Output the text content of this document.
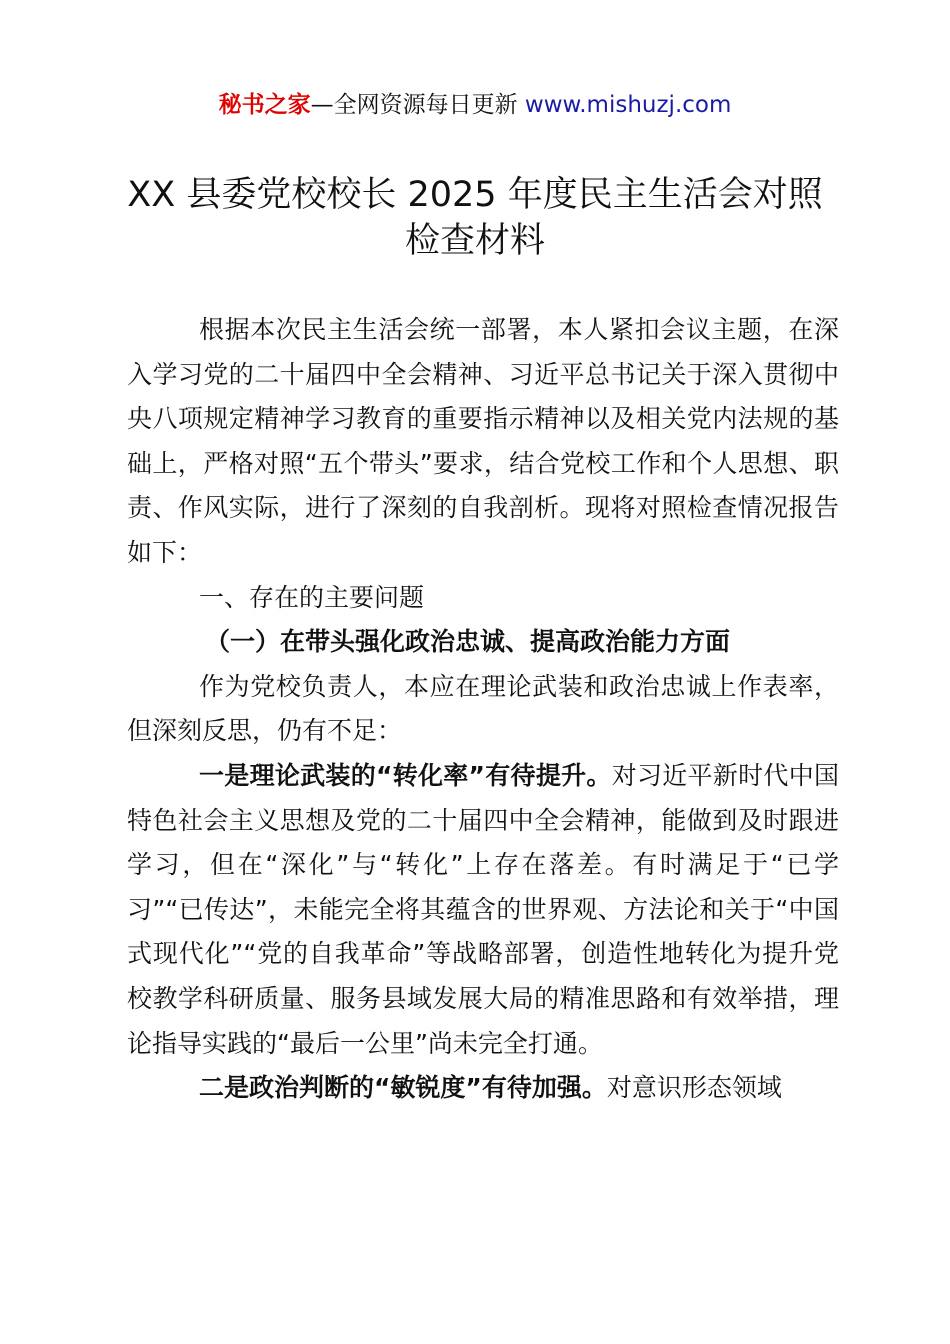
秘书之家—全网资源每日更新 www.mishuzj.com
XX 县委党校校长 2025 年度民主生活会对照
检查材料

根据本次民主生活会统一部署，本人紧扣会议主题，在深入学习党的二十届四中全会精神、习近平总书记关于深入贯彻中央八项规定精神学习教育的重要指示精神以及相关党内法规的基础上，严格对照“五个带头”要求，结合党校工作和个人思想、职责、作风实际，进行了深刻的自我剖析。现将对照检查情况报告如下：

一、存在的主要问题

（一）在带头强化政治忠诚、提高政治能力方面

作为党校负责人，本应在理论武装和政治忠诚上作表率，但深刻反思，仍有不足：

一是理论武装的“转化率”有待提升。对习近平新时代中国特色社会主义思想及党的二十届四中全会精神，能做到及时跟进学习，但在“深化”与“转化”上存在落差。有时满足于“已学习”“已传达”，未能完全将其蕴含的世界观、方法论和关于“中国式现代化”“党的自我革命”等战略部署，创造性地转化为提升党校教学科研质量、服务县域发展大局的精准思路和有效举措，理论指导实践的“最后一公里”尚未完全打通。

二是政治判断的“敏锐度”有待加强。对意识形态领域
